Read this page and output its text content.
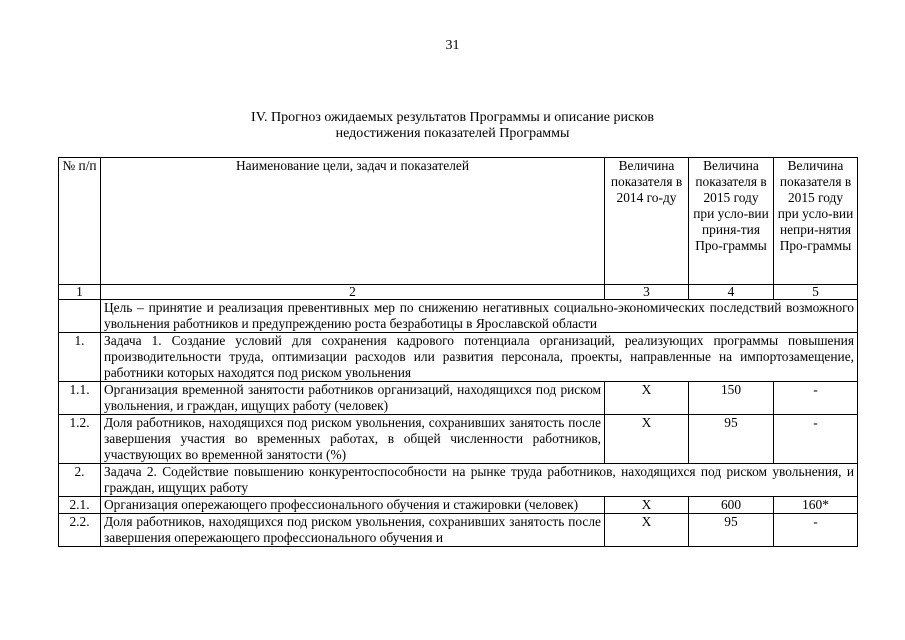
31
IV. Прогноз ожидаемых результатов Программы и описание рисков
недостижения показателей Программы
№ п/п	Наименование цели, задач и показателей	Величина показателя в 2014 го-ду	Величина показателя в 2015 году при усло-вии приня-тия Про-граммы	Величина показателя в 2015 году при усло-вии непри-нятия Про-граммы
1	2	3	4	5
	Цель – принятие и реализация превентивных мер по снижению негативных социально-экономических последствий возможного увольнения работников и предупреждению роста безработицы в Ярославской области			
1.	Задача 1. Создание условий для сохранения кадрового потенциала организаций, реализующих программы повышения производительности труда, оптимизации расходов или развития персонала, проекты, направленные на импортозамещение, работники которых находятся под риском увольнения			
1.1.	Организация временной занятости работников организаций, находящихся под риском увольнения, и граждан, ищущих работу (человек)	Х	150	-
1.2.	Доля работников, находящихся под риском увольнения, сохранивших занятость после завершения участия во временных работах, в общей численности работников, участвующих во временной занятости (%)	Х	95	-
2.	Задача 2. Содействие повышению конкурентоспособности на рынке труда работников, находящихся под риском увольнения, и граждан, ищущих работу			
2.1.	Организация опережающего профессионального обучения и стажировки (человек)	Х	600	160*
2.2.	Доля работников, находящихся под риском увольнения, сохранивших занятость после завершения опережающего профессионального обучения и	Х	95	-
